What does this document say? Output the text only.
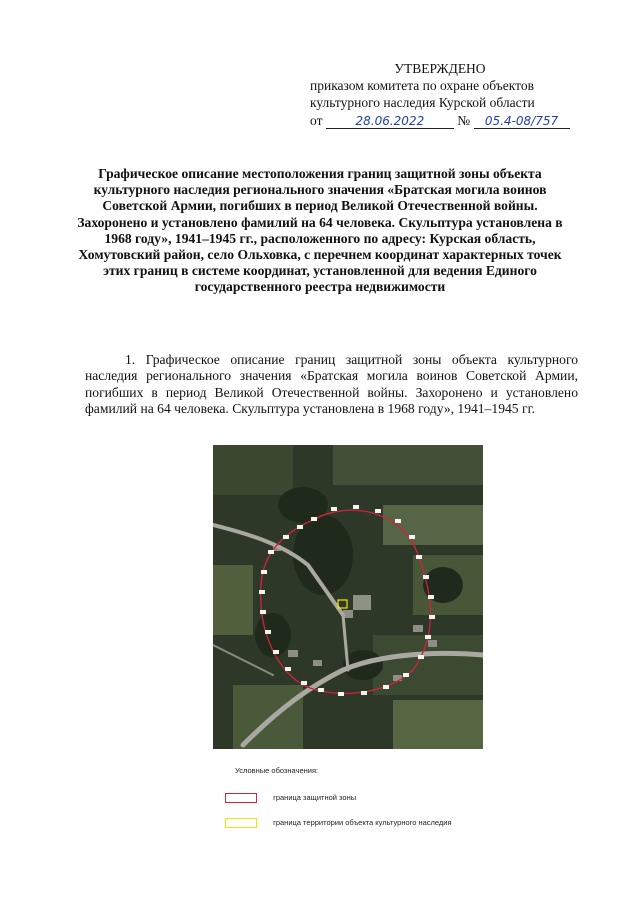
УТВЕРЖДЕНО
приказом комитета по охране объектов
культурного наследия Курской области
от	28.06.2022 № 05.4-08/757
Графическое описание местоположения границ защитной зоны объекта культурного наследия регионального значения «Братская могила воинов Советской Армии, погибших в период Великой Отечественной войны. Захоронено и установлено фамилий на 64 человека. Скульптура установлена в 1968 году», 1941–1945 гг., расположенного по адресу: Курская область, Хомутовский район, село Ольховка, с перечнем координат характерных точек этих границ в системе координат, установленной для ведения Единого государственного реестра недвижимости
1. Графическое описание границ защитной зоны объекта культурного наследия регионального значения «Братская могила воинов Советской Армии, погибших в период Великой Отечественной войны. Захоронено и установлено фамилий на 64 человека. Скульптура установлена в 1968 году», 1941–1945 гг.
Условные обозначения:
граница защитной зоны
граница территории объекта культурного наследия
